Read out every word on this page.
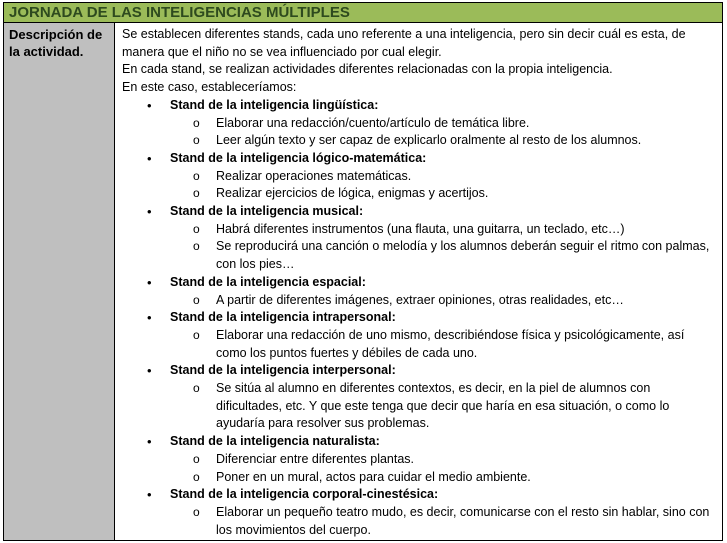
JORNADA DE LAS INTELIGENCIAS MÚLTIPLES
Descripción de la actividad.

Se establecen diferentes stands, cada uno referente a una inteligencia, pero sin decir cuál es esta, de manera que el niño no se vea influenciado por cual elegir.

En cada stand, se realizan actividades diferentes relacionadas con la propia inteligencia.

En este caso, estableceríamos:

• Stand de la inteligencia lingüística:
o Elaborar una redacción/cuento/artículo de temática libre.
o Leer algún texto y ser capaz de explicarlo oralmente al resto de los alumnos.
• Stand de la inteligencia lógico-matemática:
o Realizar operaciones matemáticas.
o Realizar ejercicios de lógica, enigmas y acertijos.
• Stand de la inteligencia musical:
o Habrá diferentes instrumentos (una flauta, una guitarra, un teclado, etc…)
o Se reproducirá una canción o melodía y los alumnos deberán seguir el ritmo con palmas, con los pies…
• Stand de la inteligencia espacial:
o A partir de diferentes imágenes, extraer opiniones, otras realidades, etc…
• Stand de la inteligencia intrapersonal:
o Elaborar una redacción de uno mismo, describiéndose física y psicológicamente, así como los puntos fuertes y débiles de cada uno.
• Stand de la inteligencia interpersonal:
o Se sitúa al alumno en diferentes contextos, es decir, en la piel de alumnos con dificultades, etc. Y que este tenga que decir que haría en esa situación, o como lo ayudaría para resolver sus problemas.
• Stand de la inteligencia naturalista:
o Diferenciar entre diferentes plantas.
o Poner en un mural, actos para cuidar el medio ambiente.
• Stand de la inteligencia corporal-cinestésica:
o Elaborar un pequeño teatro mudo, es decir, comunicarse con el resto sin hablar, sino con los movimientos del cuerpo.
